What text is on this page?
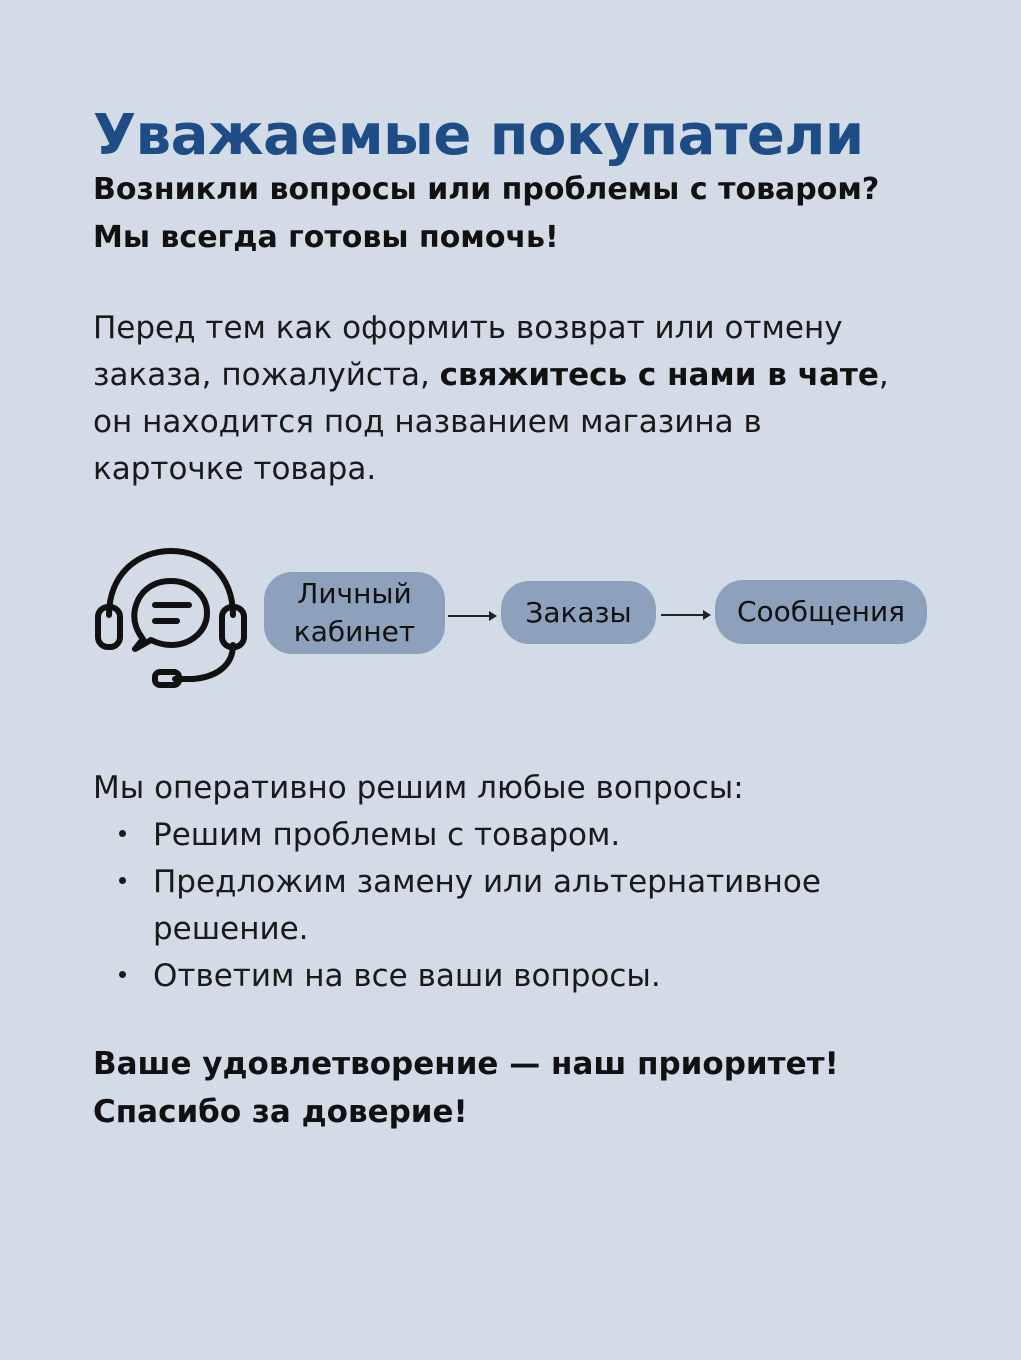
Уважаемые покупатели

Возникли вопросы или проблемы с товаром?
Мы всегда готовы помочь!

Перед тем как оформить возврат или отмену
заказа, пожалуйста, свяжитесь с нами в чате,
он находится под названием магазина в
карточке товара.

Личный
кабинет
Заказы	Сообщения
Мы оперативно решим любые вопросы:
Решим проблемы с товаром.
Предложим замену или альтернативное решение.
Ответим на все ваши вопросы.

Ваше удовлетворение — наш приоритет!
Спасибо за доверие!
